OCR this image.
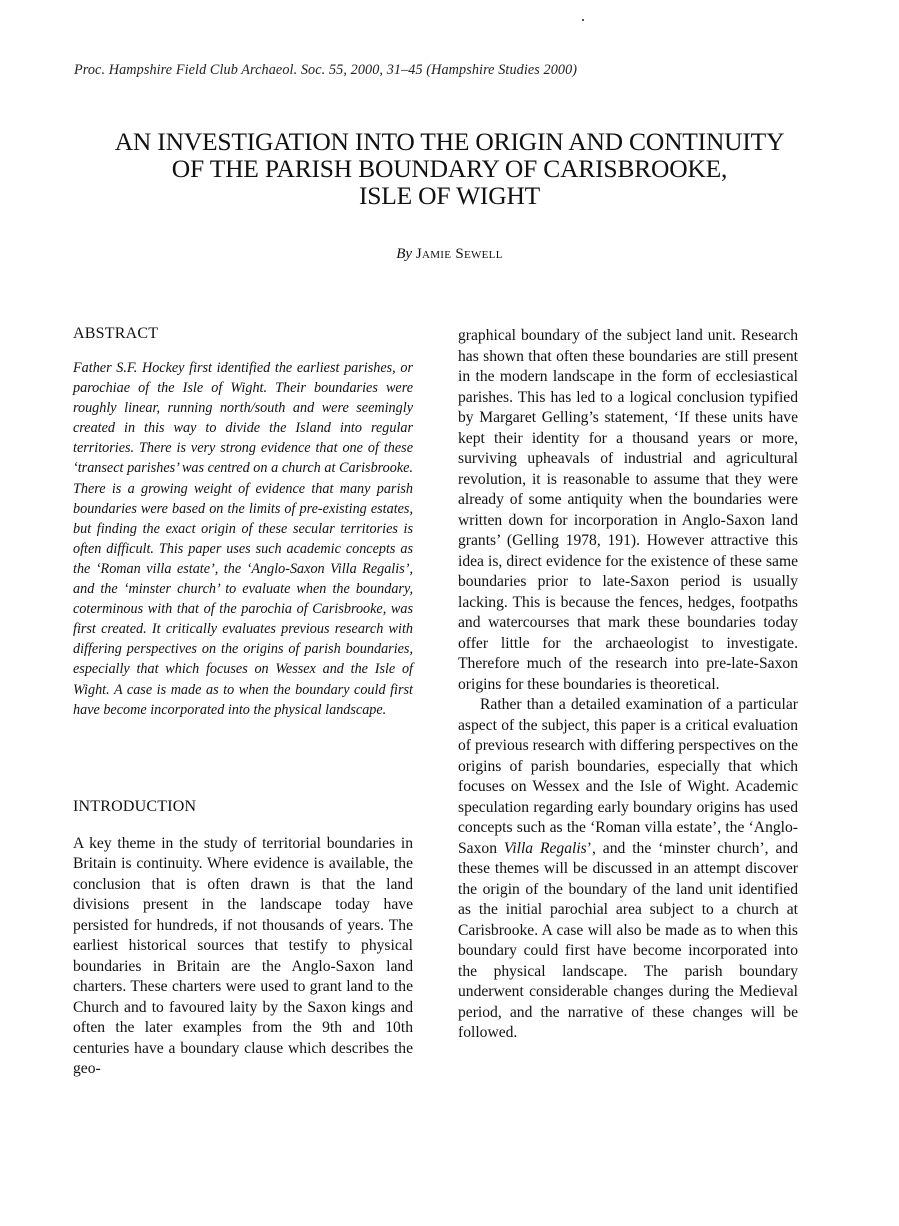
Proc. Hampshire Field Club Archaeol. Soc. 55, 2000, 31–45 (Hampshire Studies 2000)
AN INVESTIGATION INTO THE ORIGIN AND CONTINUITY
OF THE PARISH BOUNDARY OF CARISBROOKE,
ISLE OF WIGHT
By Jamie Sewell
ABSTRACT

Father S.F. Hockey first identified the earliest parishes, or parochiae of the Isle of Wight. Their boundaries were roughly linear, running north/south and were seemingly created in this way to divide the Island into regular territories. There is very strong evidence that one of these ‘transect parishes’ was centred on a church at Carisbrooke. There is a growing weight of evidence that many parish boundaries were based on the limits of pre-existing estates, but finding the exact origin of these secular territories is often difficult. This paper uses such academic concepts as the ‘Roman villa estate’, the ‘Anglo-Saxon Villa Regalis’, and the ‘minster church’ to evaluate when the boundary, coterminous with that of the parochia of Carisbrooke, was first created. It critically evaluates previous research with differing perspectives on the origins of parish boundaries, especially that which focuses on Wessex and the Isle of Wight. A case is made as to when the boundary could first have become incorporated into the physical landscape.

INTRODUCTION

A key theme in the study of territorial boundaries in Britain is continuity. Where evidence is available, the conclusion that is often drawn is that the land divisions present in the landscape today have persisted for hundreds, if not thousands of years. The earliest historical sources that testify to physical boundaries in Britain are the Anglo-Saxon land charters. These charters were used to grant land to the Church and to favoured laity by the Saxon kings and often the later examples from the 9th and 10th centuries have a boundary clause which describes the geo-

graphical boundary of the subject land unit. Research has shown that often these boundaries are still present in the modern landscape in the form of ecclesiastical parishes. This has led to a logical conclusion typified by Margaret Gelling’s statement, ‘If these units have kept their identity for a thousand years or more, surviving upheavals of industrial and agricultural revolution, it is reasonable to assume that they were already of some antiquity when the boundaries were written down for incorporation in Anglo-Saxon land grants’ (Gelling 1978, 191). However attractive this idea is, direct evidence for the existence of these same boundaries prior to late-Saxon period is usually lacking. This is because the fences, hedges, footpaths and watercourses that mark these boundaries today offer little for the archaeologist to investigate. Therefore much of the research into pre-late-Saxon origins for these boundaries is theoretical.

Rather than a detailed examination of a particular aspect of the subject, this paper is a critical evaluation of previous research with differing perspectives on the origins of parish boundaries, especially that which focuses on Wessex and the Isle of Wight. Academic speculation regarding early boundary origins has used concepts such as the ‘Roman villa estate’, the ‘Anglo-Saxon Villa Regalis’, and the ‘minster church’, and these themes will be discussed in an attempt discover the origin of the boundary of the land unit identified as the initial parochial area subject to a church at Carisbrooke. A case will also be made as to when this boundary could first have become incorporated into the physical landscape. The parish boundary underwent considerable changes during the Medieval period, and the narrative of these changes will be followed.
